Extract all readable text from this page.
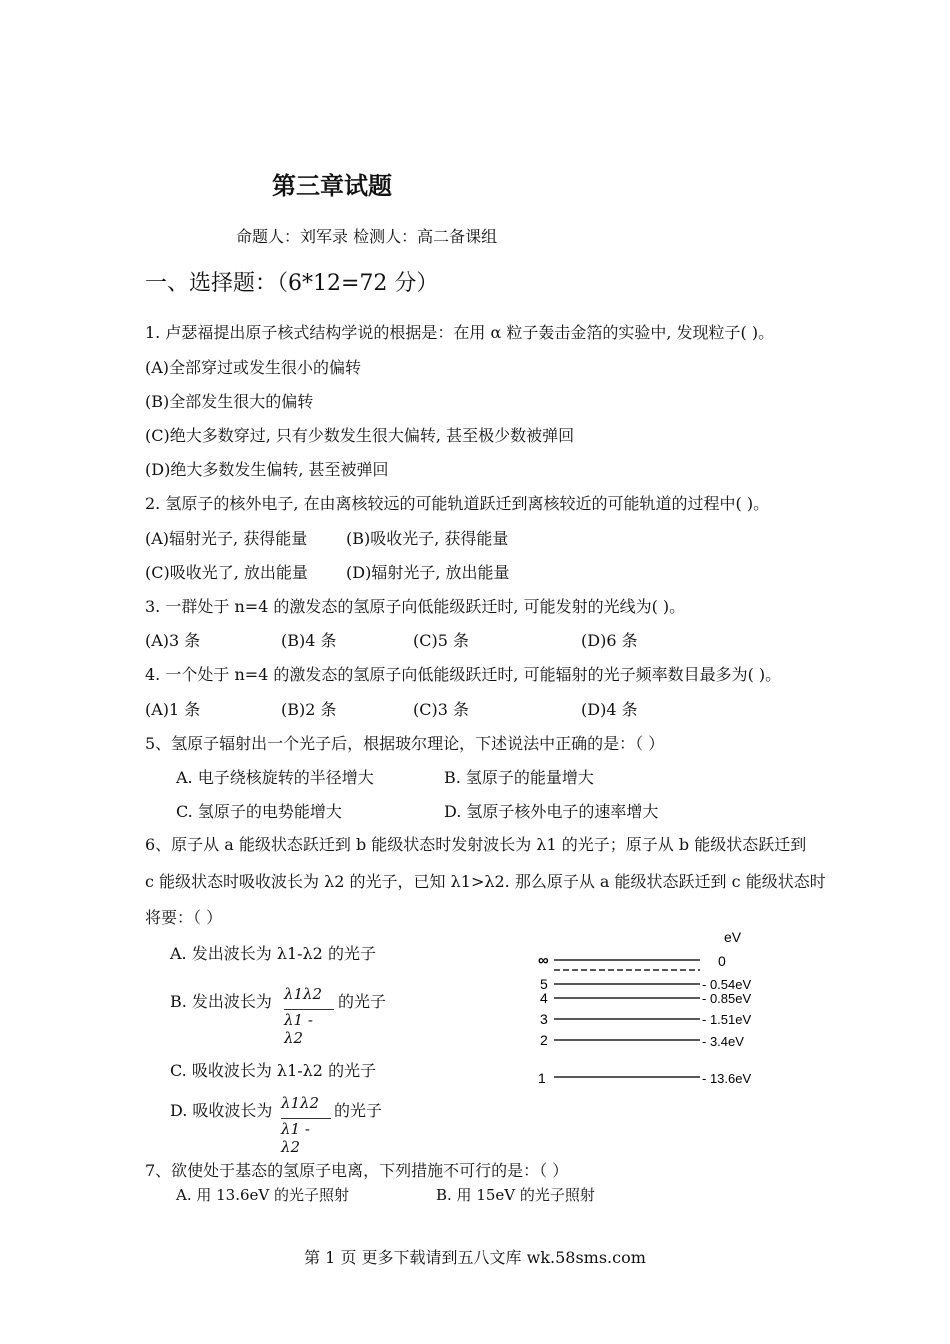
第三章试题
命题人：刘军录 检测人：高二备课组
一、选择题：（6*12=72 分）
1. 卢瑟福提出原子核式结构学说的根据是：在用 α 粒子轰击金箔的实验中, 发现粒子( )。
(A)全部穿过或发生很小的偏转
(B)全部发生很大的偏转
(C)绝大多数穿过, 只有少数发生很大偏转, 甚至极少数被弹回
(D)绝大多数发生偏转, 甚至被弹回
2. 氢原子的核外电子, 在由离核较远的可能轨道跃迁到离核较近的可能轨道的过程中( )。
(A)辐射光子, 获得能量 (B)吸收光子, 获得能量
(C)吸收光了, 放出能量 (D)辐射光子, 放出能量
3. 一群处于 n=4 的激发态的氢原子向低能级跃迁时, 可能发射的光线为( )。
(A)3 条	(B)4 条	(C)5 条	(D)6 条
4. 一个处于 n=4 的激发态的氢原子向低能级跃迁时, 可能辐射的光子频率数目最多为( )。
(A)1 条	(B)2 条	(C)3 条	(D)4 条
5、氢原子辐射出一个光子后，根据玻尔理论，下述说法中正确的是：（ ）
A. 电子绕核旋转的半径增大	B. 氢原子的能量增大
C. 氢原子的电势能增大	D. 氢原子核外电子的速率增大
6、原子从 a 能级状态跃迁到 b 能级状态时发射波长为 λ1 的光子；原子从 b 能级状态跃迁到
c 能级状态时吸收波长为 λ2 的光子，已知 λ1>λ2. 那么原子从 a 能级状态跃迁到 c 能级状态时
将要：（ ）
A. 发出波长为 λ1-λ2 的光子
B. 发出波长为 λ1λ2
λ1 - λ2
的光子
C. 吸收波长为 λ1-λ2 的光子
D. 吸收波长为 λ1λ2
λ1 - λ2
的光子
eV
∞	0
5	- 0.54eV
4	- 0.85eV
3	- 1.51eV
2	- 3.4eV
1	- 13.6eV
7、欲使处于基态的氢原子电离，下列措施不可行的是：（ ）
A. 用 13.6eV 的光子照射	B. 用 15eV 的光子照射
第 1 页 更多下载请到五八文库 wk.58sms.com
